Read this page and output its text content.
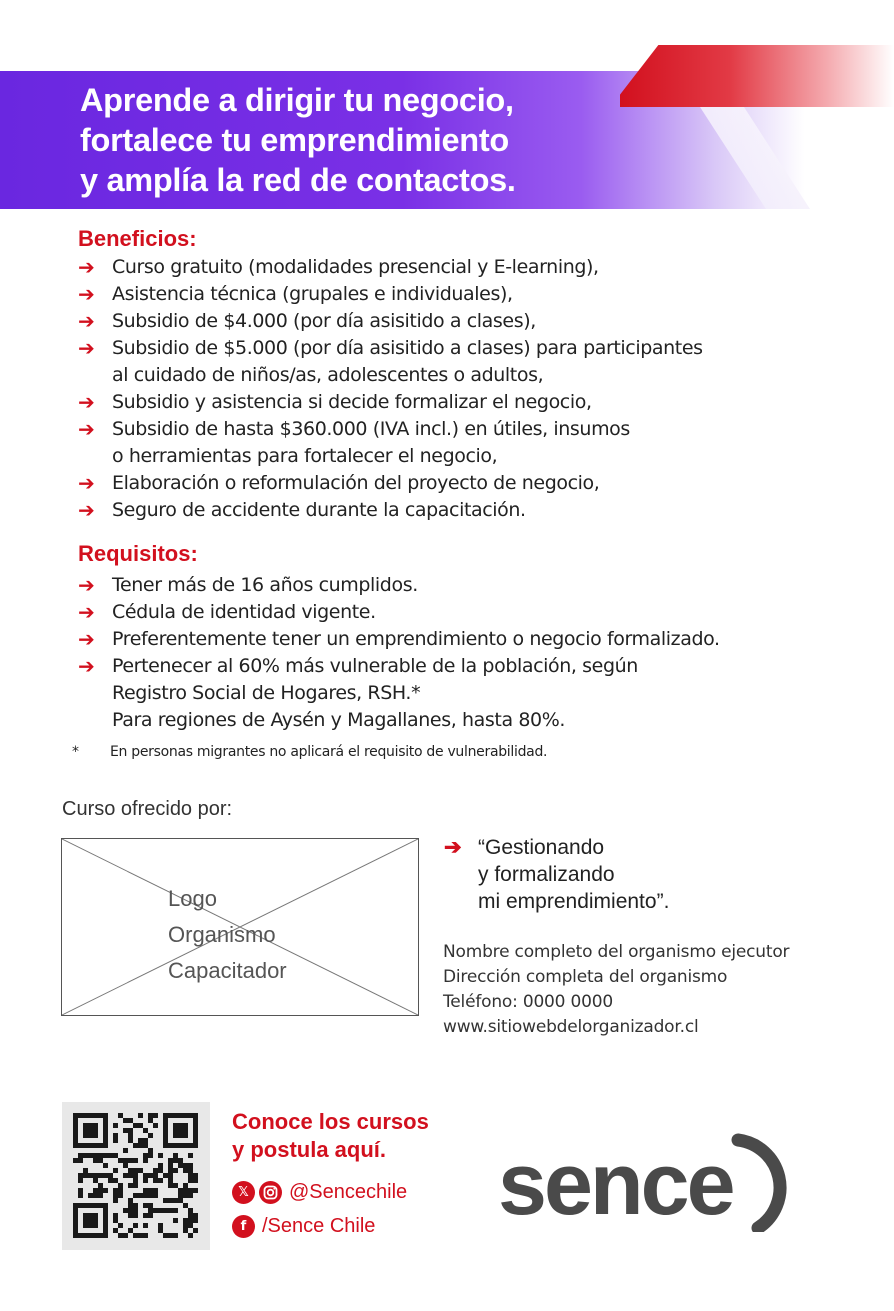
Aprende a dirigir tu negocio,
fortalece tu emprendimiento
y amplía la red de contactos.
Beneficios:
➔ Curso gratuito (modalidades presencial y E-learning),
➔ Asistencia técnica (grupales e individuales),
➔ Subsidio de $4.000 (por día asisitido a clases),
➔ Subsidio de $5.000 (por día asisitido a clases) para participantes
al cuidado de niños/as, adolescentes o adultos,
➔ Subsidio y asistencia si decide formalizar el negocio,
➔ Subsidio de hasta $360.000 (IVA incl.) en útiles, insumos
o herramientas para fortalecer el negocio,
➔ Elaboración o reformulación del proyecto de negocio,
➔ Seguro de accidente durante la capacitación.
Requisitos:
➔ Tener más de 16 años cumplidos.
➔ Cédula de identidad vigente.
➔ Preferentemente tener un emprendimiento o negocio formalizado.
➔ Pertenecer al 60% más vulnerable de la población, según
Registro Social de Hogares, RSH.*
Para regiones de Aysén y Magallanes, hasta 80%.
* En personas migrantes no aplicará el requisito de vulnerabilidad.

Curso ofrecido por:

Logo
Organismo
Capacitador
➔ “Gestionando
y formalizando
mi emprendimiento”.
Nombre completo del organismo ejecutor
Dirección completa del organismo
Teléfono: 0000 0000
www.sitiowebdelorganizador.cl

Conoce los cursos
y postula aquí.

𝕏	@Sencechile
f /Sence Chile sence
